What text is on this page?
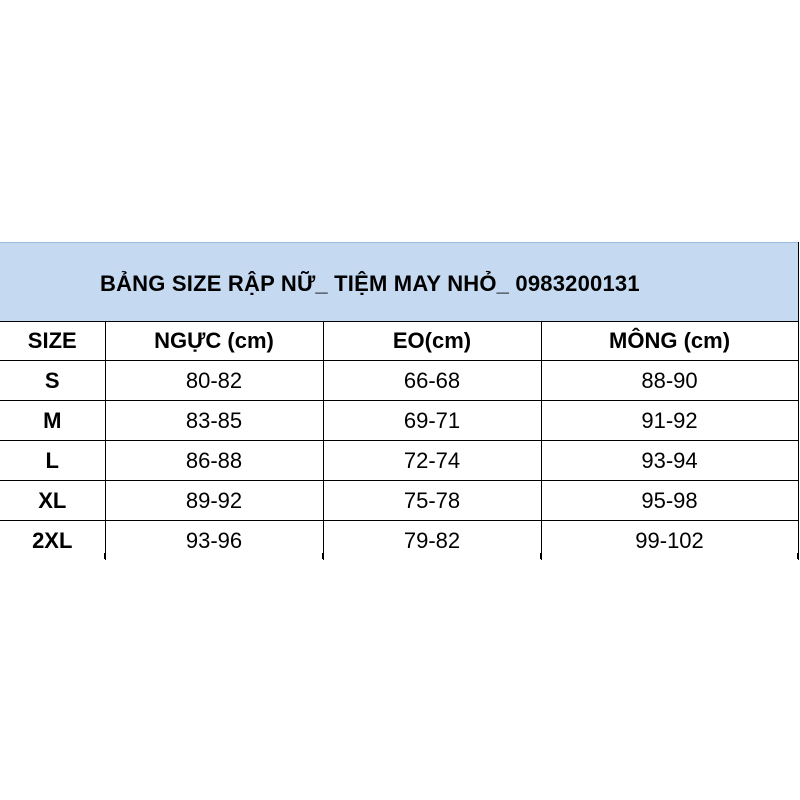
BẢNG SIZE RẬP NỮ_ TIỆM MAY NHỎ_ 0983200131			
SIZE	NGỰC (cm)	EO(cm)	MÔNG (cm)
S	80-82	66-68	88-90
M	83-85	69-71	91-92
L	86-88	72-74	93-94
XL	89-92	75-78	95-98
2XL	93-96	79-82	99-102
